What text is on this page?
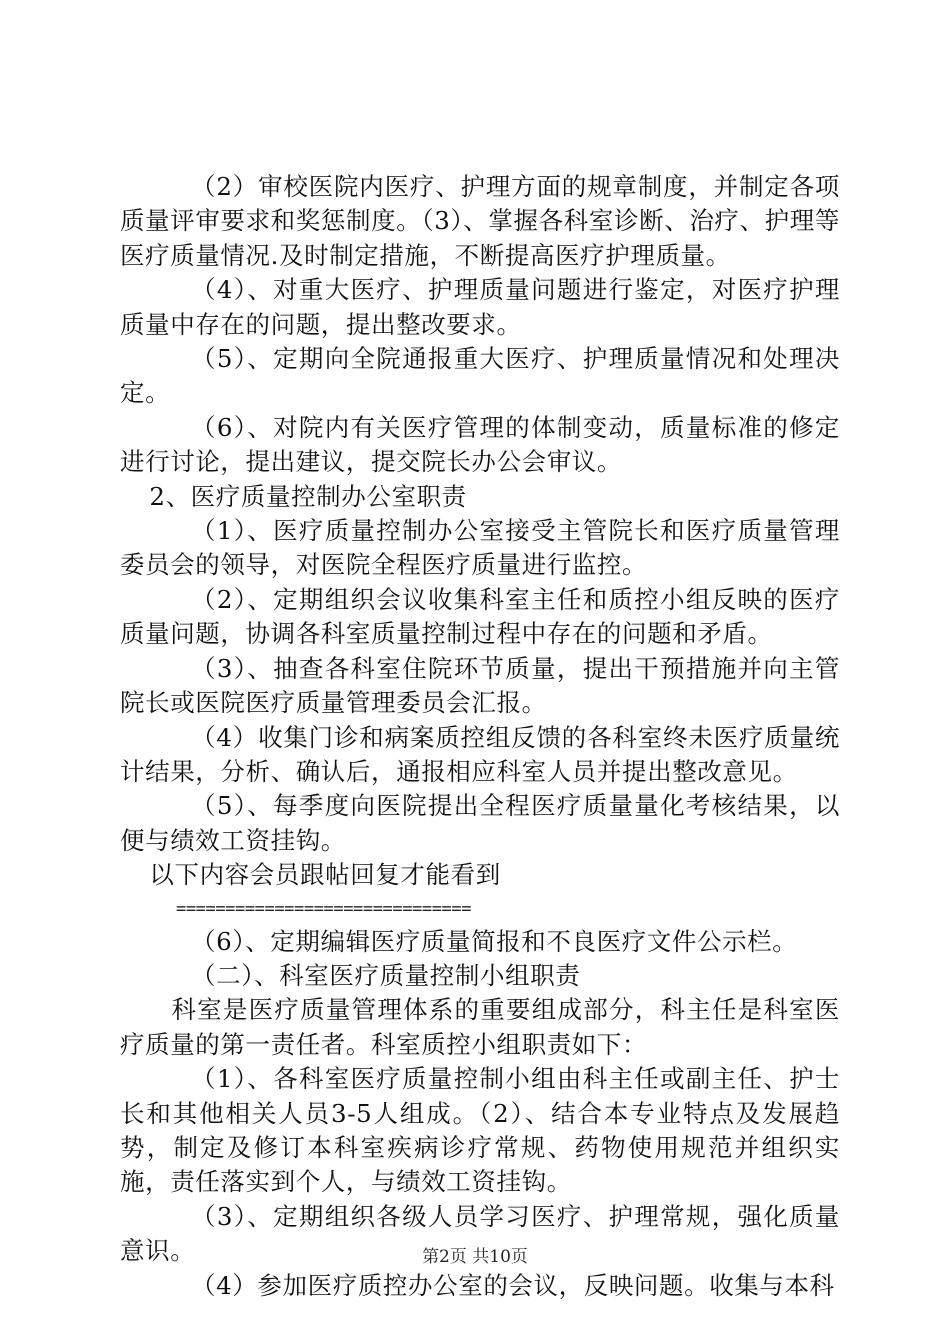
（2）审校医院内医疗、护理方面的规章制度，并制定各项质量评审要求和奖惩制度。（3）、掌握各科室诊断、治疗、护理等医疗质量情况.及时制定措施，不断提高医疗护理质量。

（4）、对重大医疗、护理质量问题进行鉴定，对医疗护理质量中存在的问题，提出整改要求。

（5）、定期向全院通报重大医疗、护理质量情况和处理决定。

（6）、对院内有关医疗管理的体制变动，质量标准的修定进行讨论，提出建议，提交院长办公会审议。

2、医疗质量控制办公室职责

（1）、医疗质量控制办公室接受主管院长和医疗质量管理委员会的领导，对医院全程医疗质量进行监控。

（2）、定期组织会议收集科室主任和质控小组反映的医疗质量问题，协调各科室质量控制过程中存在的问题和矛盾。

（3）、抽查各科室住院环节质量，提出干预措施并向主管院长或医院医疗质量管理委员会汇报。

（4）收集门诊和病案质控组反馈的各科室终未医疗质量统计结果，分析、确认后，通报相应科室人员并提出整改意见。

（5）、每季度向医院提出全程医疗质量量化考核结果，以便与绩效工资挂钩。

以下内容会员跟帖回复才能看到

==============================

（6）、定期编辑医疗质量简报和不良医疗文件公示栏。

（二）、科室医疗质量控制小组职责

科室是医疗质量管理体系的重要组成部分，科主任是科室医疗质量的第一责任者。科室质控小组职责如下：

（1）、各科室医疗质量控制小组由科主任或副主任、护士长和其他相关人员3-5人组成。（2）、结合本专业特点及发展趋势，制定及修订本科室疾病诊疗常规、药物使用规范并组织实施，责任落实到个人，与绩效工资挂钩。

（3）、定期组织各级人员学习医疗、护理常规，强化质量意识。

（4）参加医疗质控办公室的会议，反映问题。收集与本科

第2页 共10页
